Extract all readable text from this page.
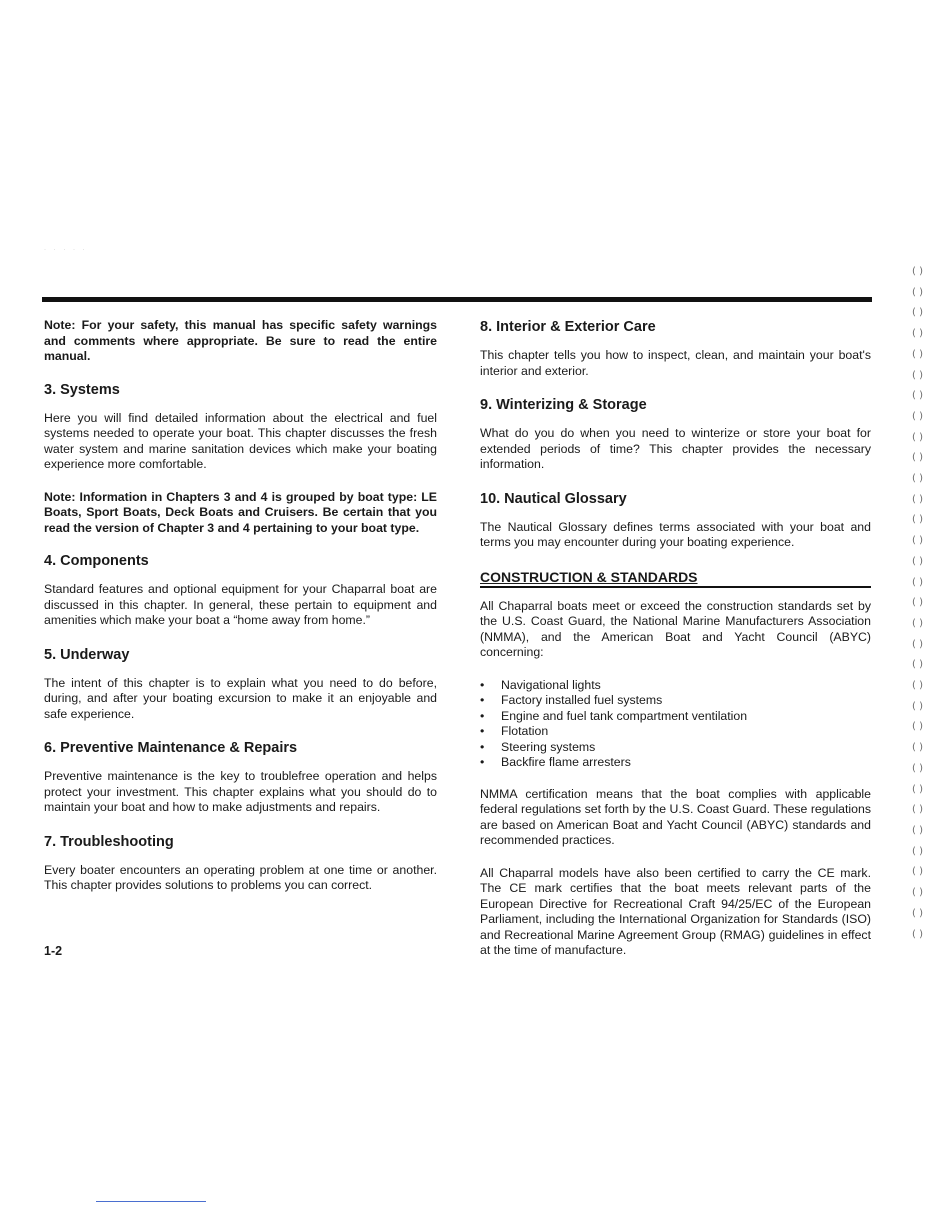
· · · · ·

Note: For your safety, this manual has specific safety warnings and comments where appropriate. Be sure to read the entire manual.

3. Systems

Here you will find detailed information about the electrical and fuel systems needed to operate your boat. This chapter discusses the fresh water system and marine sanitation devices which make your boating experience more comfortable.

Note: Information in Chapters 3 and 4 is grouped by boat type: LE Boats, Sport Boats, Deck Boats and Cruisers. Be certain that you read the version of Chapter 3 and 4 pertaining to your boat type.

4. Components

Standard features and optional equipment for your Chaparral boat are discussed in this chapter. In general, these pertain to equipment and amenities which make your boat a “home away from home.”

5. Underway

The intent of this chapter is to explain what you need to do before, during, and after your boating excursion to make it an enjoyable and safe experience.

6. Preventive Maintenance & Repairs

Preventive maintenance is the key to troublefree operation and helps protect your investment. This chapter explains what you should do to maintain your boat and how to make adjustments and repairs.

7. Troubleshooting

Every boater encounters an operating problem at one time or another. This chapter provides solutions to problems you can correct.

8. Interior & Exterior Care

This chapter tells you how to inspect, clean, and maintain your boat's interior and exterior.

9. Winterizing & Storage

What do you do when you need to winterize or store your boat for extended periods of time? This chapter provides the necessary information.

10. Nautical Glossary

The Nautical Glossary defines terms associated with your boat and terms you may encounter during your boating experience.

CONSTRUCTION & STANDARDS

All Chaparral boats meet or exceed the construction standards set by the U.S. Coast Guard, the National Marine Manufacturers Association (NMMA), and the American Boat and Yacht Council (ABYC) concerning:

• Navigational lights
• Factory installed fuel systems
• Engine and fuel tank compartment ventilation
• Flotation
• Steering systems
• Backfire flame arresters

NMMA certification means that the boat complies with applicable federal regulations set forth by the U.S. Coast Guard. These regulations are based on American Boat and Yacht Council (ABYC) standards and recommended practices.

All Chaparral models have also been certified to carry the CE mark. The CE mark certifies that the boat meets relevant parts of the European Directive for Recreational Craft 94/25/EC of the European Parliament, including the International Organization for Standards (ISO) and Recreational Marine Agreement Group (RMAG) guidelines in effect at the time of manufacture.

1-2
( )
( )
( )
( )
( )
( )
( )
( )
( )
( )
( )
( )
( )
( )
( )
( )
( )
( )
( )
( )
( )
( )
( )
( )
( )
( )
( )
( )
( )
( )
( )
( )
( )
